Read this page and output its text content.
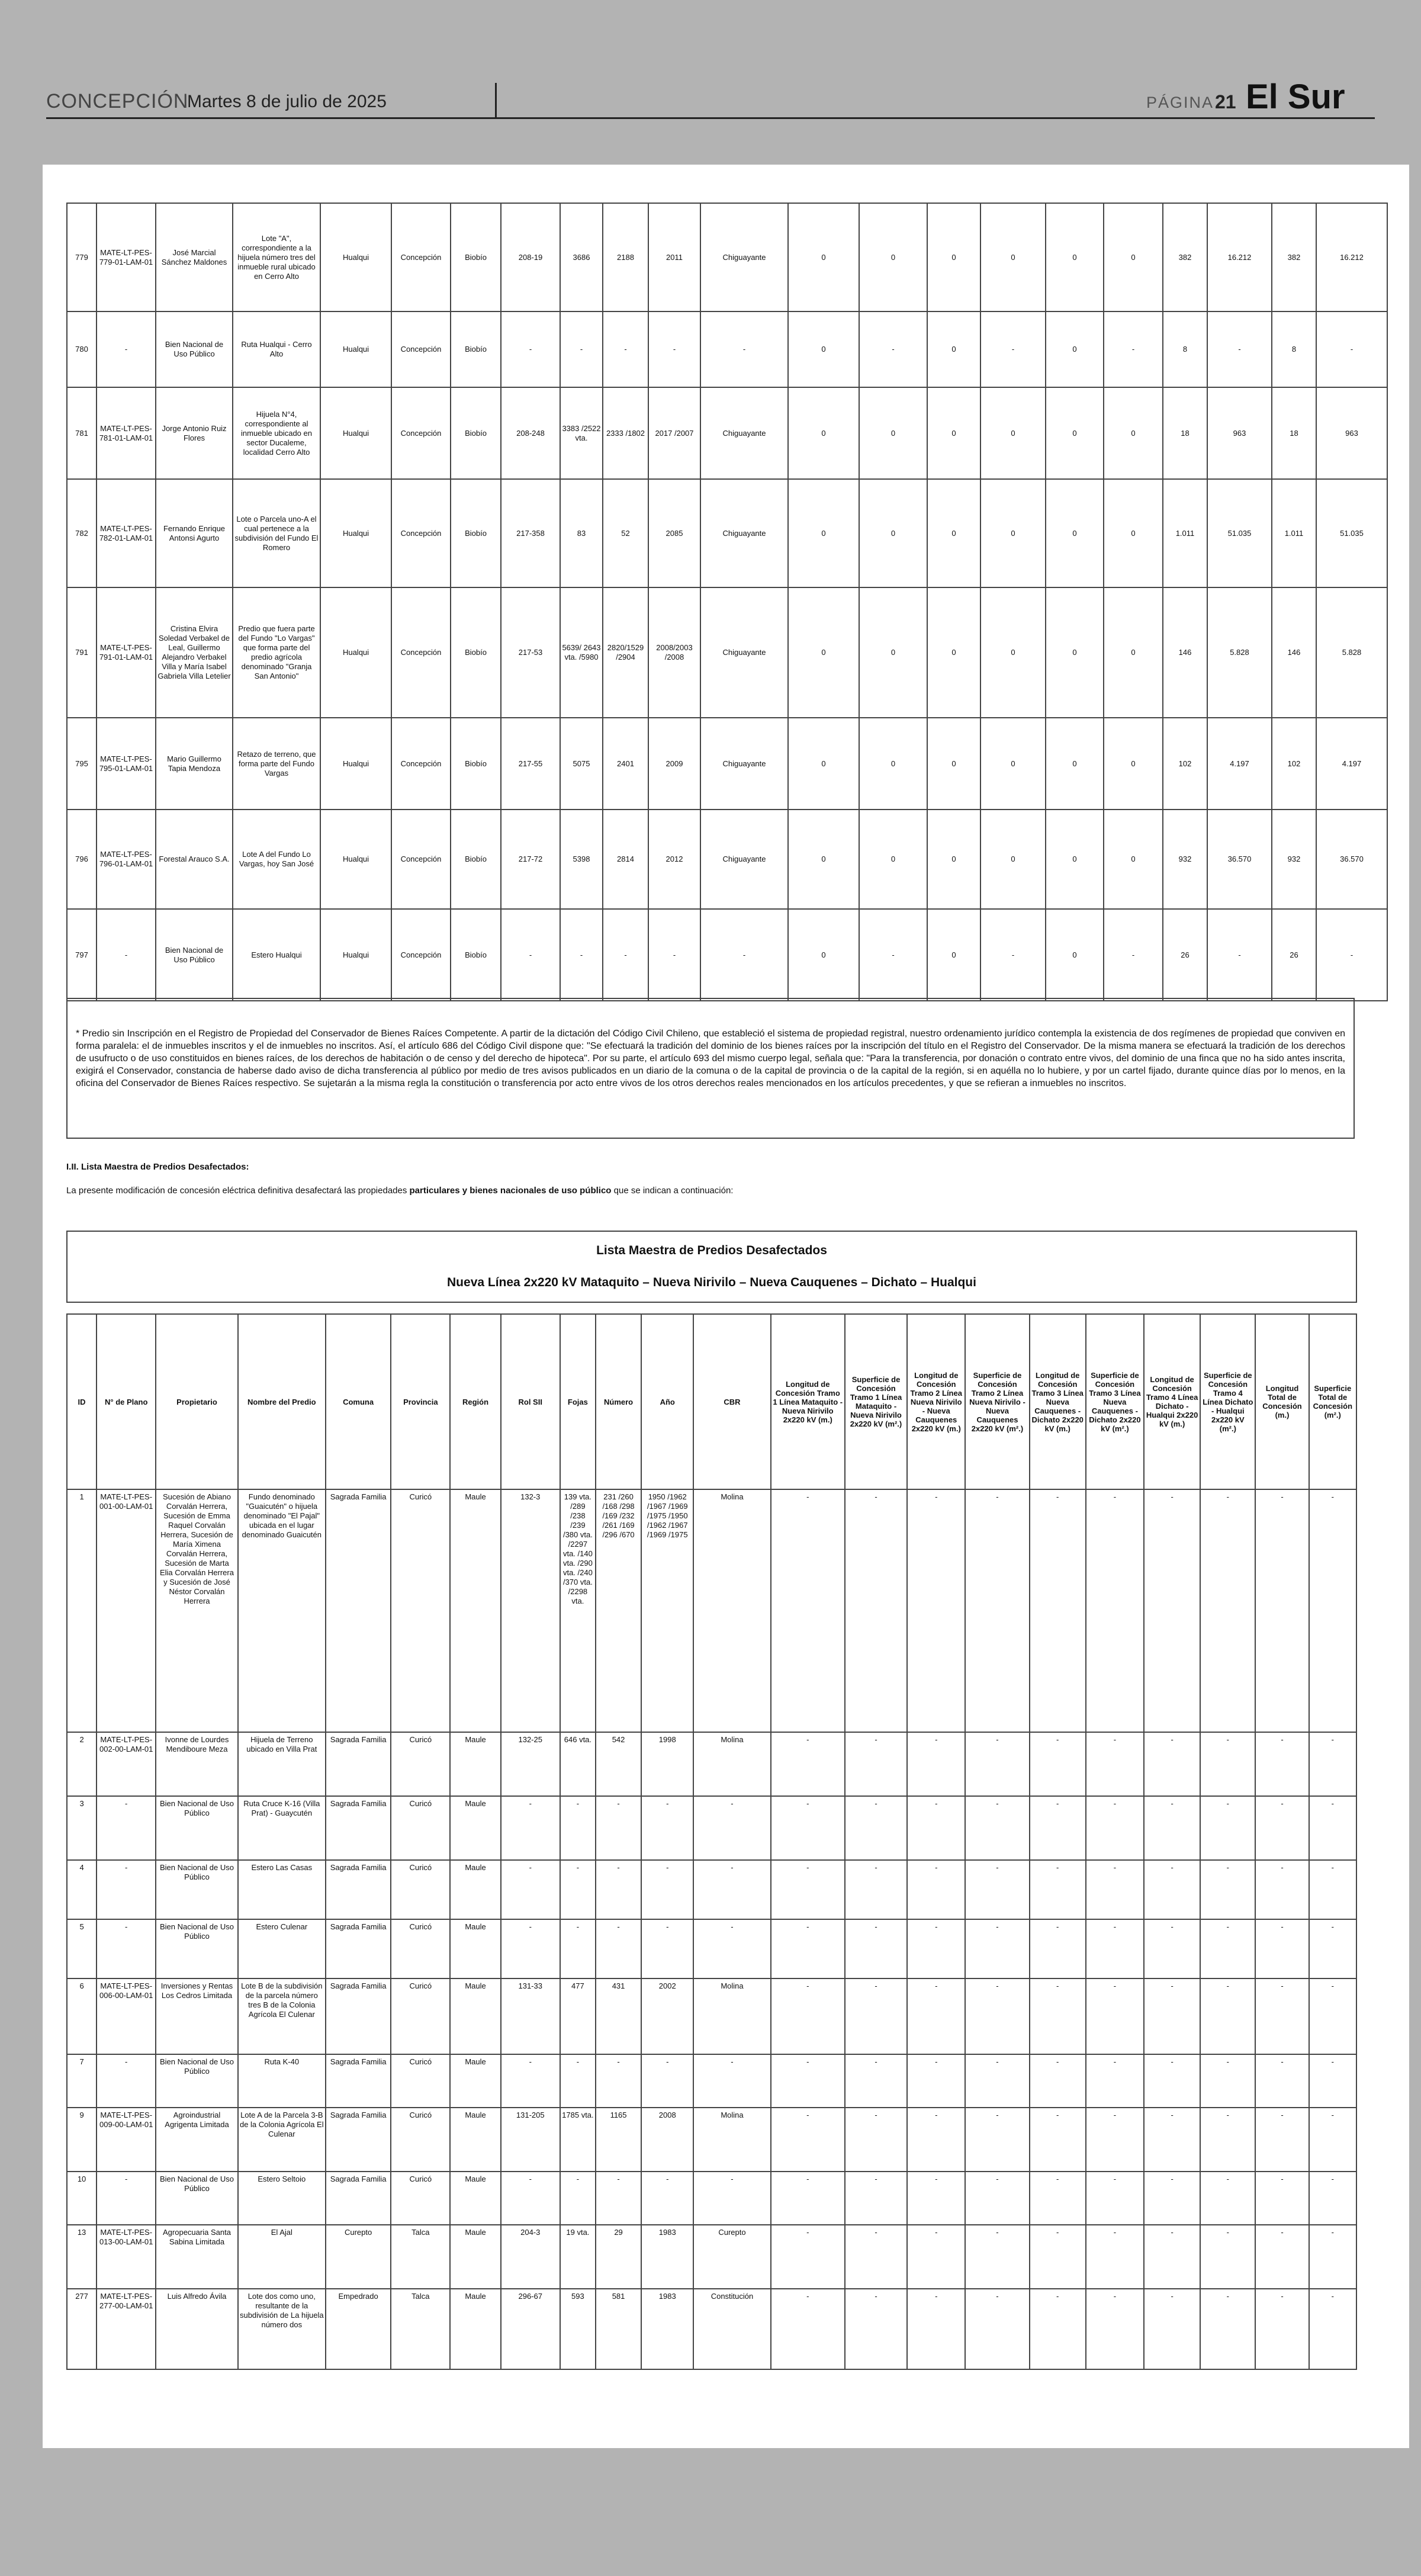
CONCEPCIÓN
Martes 8 de julio de 2025	PÁGINA 21 El Sur
779	MATE-LT-PES-779-01-LAM-01	José Marcial Sánchez Maldones	Lote "A", correspondiente a la hijuela número tres del inmueble rural ubicado en Cerro Alto	Hualqui	Concepción	Biobío	208-19	3686	2188	2011	Chiguayante	0	0	0	0	0	0	382	16.212	382	16.212
780	-	Bien Nacional de Uso Público	Ruta Hualqui - Cerro Alto	Hualqui	Concepción	Biobío	-	-	-	-	-	0	-	0	-	0	-	8	-	8	-
781	MATE-LT-PES-781-01-LAM-01	Jorge Antonio Ruiz Flores	Hijuela N°4, correspondiente al inmueble ubicado en sector Ducaleme, localidad Cerro Alto	Hualqui	Concepción	Biobío	208-248	3383 /2522 vta.	2333 /1802	2017 /2007	Chiguayante	0	0	0	0	0	0	18	963	18	963
782	MATE-LT-PES-782-01-LAM-01	Fernando Enrique Antonsi Agurto	Lote o Parcela uno-A el cual pertenece a la subdivisión del Fundo El Romero	Hualqui	Concepción	Biobío	217-358	83	52	2085	Chiguayante	0	0	0	0	0	0	1.011	51.035	1.011	51.035
791	MATE-LT-PES-791-01-LAM-01	Cristina Elvira Soledad Verbakel de Leal, Guillermo Alejandro Verbakel Villa y María Isabel Gabriela Villa Letelier	Predio que fuera parte del Fundo "Lo Vargas" que forma parte del predio agrícola denominado "Granja San Antonio"	Hualqui	Concepción	Biobío	217-53	5639/ 2643 vta. /5980	2820/1529 /2904	2008/2003 /2008	Chiguayante	0	0	0	0	0	0	146	5.828	146	5.828
795	MATE-LT-PES-795-01-LAM-01	Mario Guillermo Tapia Mendoza	Retazo de terreno, que forma parte del Fundo Vargas	Hualqui	Concepción	Biobío	217-55	5075	2401	2009	Chiguayante	0	0	0	0	0	0	102	4.197	102	4.197
796	MATE-LT-PES-796-01-LAM-01	Forestal Arauco S.A.	Lote A del Fundo Lo Vargas, hoy San José	Hualqui	Concepción	Biobío	217-72	5398	2814	2012	Chiguayante	0	0	0	0	0	0	932	36.570	932	36.570
797	-	Bien Nacional de Uso Público	Estero Hualqui	Hualqui	Concepción	Biobío	-	-	-	-	-	0	-	0	-	0	-	26	-	26	-

* Predio sin Inscripción en el Registro de Propiedad del Conservador de Bienes Raíces Competente. A partir de la dictación del Código Civil Chileno, que estableció el sistema de propiedad registral, nuestro ordenamiento jurídico contempla la existencia de dos regímenes de propiedad que conviven en forma paralela: el de inmuebles inscritos y el de inmuebles no inscritos. Así, el artículo 686 del Código Civil dispone que: "Se efectuará la tradición del dominio de los bienes raíces por la inscripción del título en el Registro del Conservador. De la misma manera se efectuará la tradición de los derechos de usufructo o de uso constituidos en bienes raíces, de los derechos de habitación o de censo y del derecho de hipoteca". Por su parte, el artículo 693 del mismo cuerpo legal, señala que: "Para la transferencia, por donación o contrato entre vivos, del dominio de una finca que no ha sido antes inscrita, exigirá el Conservador, constancia de haberse dado aviso de dicha transferencia al público por medio de tres avisos publicados en un diario de la comuna o de la capital de provincia o de la capital de la región, si en aquélla no lo hubiere, y por un cartel fijado, durante quince días por lo menos, en la oficina del Conservador de Bienes Raíces respectivo. Se sujetarán a la misma regla la constitución o transferencia por acto entre vivos de los otros derechos reales mencionados en los artículos precedentes, y que se refieran a inmuebles no inscritos.

I.II. Lista Maestra de Predios Desafectados:
La presente modificación de concesión eléctrica definitiva desafectará las propiedades particulares y bienes nacionales de uso público que se indican a continuación:
Lista Maestra de Predios Desafectados
Nueva Línea 2x220 kV Mataquito – Nueva Nirivilo – Nueva Cauquenes – Dichato – Hualqui
ID	N° de Plano	Propietario	Nombre del Predio	Comuna	Provincia	Región	Rol SII	Fojas	Número	Año	CBR	Longitud de Concesión Tramo 1 Línea Mataquito - Nueva Nirivilo 2x220 kV (m.)	Superficie de Concesión Tramo 1 Línea Mataquito - Nueva Nirivilo 2x220 kV (m².)	Longitud de Concesión Tramo 2 Línea Nueva Nirivilo - Nueva Cauquenes 2x220 kV (m.)	Superficie de Concesión Tramo 2 Línea Nueva Nirivilo - Nueva Cauquenes 2x220 kV (m².)	Longitud de Concesión Tramo 3 Línea Nueva Cauquenes - Dichato 2x220 kV (m.)	Superficie de Concesión Tramo 3 Línea Nueva Cauquenes - Dichato 2x220 kV (m².)	Longitud de Concesión Tramo 4 Línea Dichato - Hualqui 2x220 kV (m.)	Superficie de Concesión Tramo 4 Línea Dichato - Hualqui 2x220 kV (m².)	Longitud Total de Concesión (m.)	Superficie Total de Concesión (m².)
1	MATE-LT-PES-001-00-LAM-01	Sucesión de Abiano Corvalán Herrera, Sucesión de Emma Raquel Corvalán Herrera, Sucesión de María Ximena Corvalán Herrera, Sucesión de Marta Elia Corvalán Herrera y Sucesión de José Néstor Corvalán Herrera	Fundo denominado "Guaicutén" o hijuela denominado "El Pajal" ubicada en el lugar denominado Guaicutén	Sagrada Familia	Curicó	Maule	132-3	139 vta. /289 /238 /239 /380 vta. /2297 vta. /140 vta. /290 vta. /240 /370 vta. /2298 vta.	231 /260 /168 /298 /169 /232 /261 /169 /296 /670	1950 /1962 /1967 /1969 /1975 /1950 /1962 /1967 /1969 /1975	Molina	-	-	-	-	-	-	-	-	-	-
2	MATE-LT-PES-002-00-LAM-01	Ivonne de Lourdes Mendiboure Meza	Hijuela de Terreno ubicado en Villa Prat	Sagrada Familia	Curicó	Maule	132-25	646 vta.	542	1998	Molina	-	-	-	-	-	-	-	-	-	-
3	-	Bien Nacional de Uso Público	Ruta Cruce K-16 (Villa Prat) - Guaycutén	Sagrada Familia	Curicó	Maule	-	-	-	-	-	-	-	-	-	-	-	-	-	-	-
4	-	Bien Nacional de Uso Público	Estero Las Casas	Sagrada Familia	Curicó	Maule	-	-	-	-	-	-	-	-	-	-	-	-	-	-	-
5	-	Bien Nacional de Uso Público	Estero Culenar	Sagrada Familia	Curicó	Maule	-	-	-	-	-	-	-	-	-	-	-	-	-	-	-
6	MATE-LT-PES-006-00-LAM-01	Inversiones y Rentas Los Cedros Limitada	Lote B de la subdivisión de la parcela número tres B de la Colonia Agrícola El Culenar	Sagrada Familia	Curicó	Maule	131-33	477	431	2002	Molina	-	-	-	-	-	-	-	-	-	-
7	-	Bien Nacional de Uso Público	Ruta K-40	Sagrada Familia	Curicó	Maule	-	-	-	-	-	-	-	-	-	-	-	-	-	-	-
9	MATE-LT-PES-009-00-LAM-01	Agroindustrial Agrigenta Limitada	Lote A de la Parcela 3-B de la Colonia Agrícola El Culenar	Sagrada Familia	Curicó	Maule	131-205	1785 vta.	1165	2008	Molina	-	-	-	-	-	-	-	-	-	-
10	-	Bien Nacional de Uso Público	Estero Seltoio	Sagrada Familia	Curicó	Maule	-	-	-	-	-	-	-	-	-	-	-	-	-	-	-
13	MATE-LT-PES-013-00-LAM-01	Agropecuaria Santa Sabina Limitada	El Ajal	Curepto	Talca	Maule	204-3	19 vta.	29	1983	Curepto	-	-	-	-	-	-	-	-	-	-
277	MATE-LT-PES-277-00-LAM-01	Luis Alfredo Ávila	Lote dos como uno, resultante de la subdivisión de La hijuela número dos	Empedrado	Talca	Maule	296-67	593	581	1983	Constitución	-	-	-	-	-	-	-	-	-	-
